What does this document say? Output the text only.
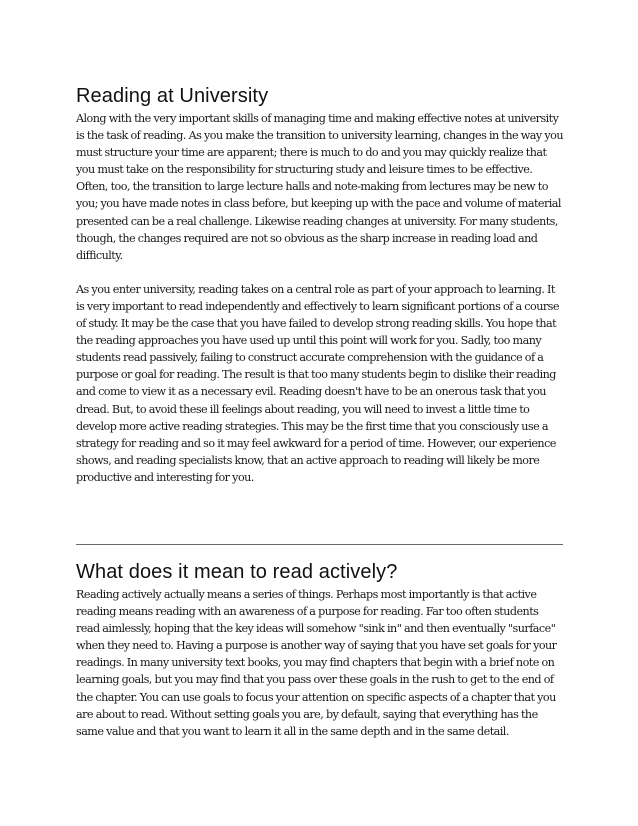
Reading at University

Along with the very important skills of managing time and making effective notes at university is the task of reading. As you make the transition to university learning, changes in the way you must structure your time are apparent; there is much to do and you may quickly realize that you must take on the responsibility for structuring study and leisure times to be effective. Often, too, the transition to large lecture halls and note-making from lectures may be new to you; you have made notes in class before, but keeping up with the pace and volume of material presented can be a real challenge. Likewise reading changes at university. For many students, though, the changes required are not so obvious as the sharp increase in reading load and difficulty.

As you enter university, reading takes on a central role as part of your approach to learning. It is very important to read independently and effectively to learn significant portions of a course of study. It may be the case that you have failed to develop strong reading skills. You hope that the reading approaches you have used up until this point will work for you. Sadly, too many students read passively, failing to construct accurate comprehension with the guidance of a purpose or goal for reading. The result is that too many students begin to dislike their reading and come to view it as a necessary evil. Reading doesn't have to be an onerous task that you dread. But, to avoid these ill feelings about reading, you will need to invest a little time to develop more active reading strategies. This may be the first time that you consciously use a strategy for reading and so it may feel awkward for a period of time. However, our experience shows, and reading specialists know, that an active approach to reading will likely be more productive and interesting for you.

What does it mean to read actively?

Reading actively actually means a series of things. Perhaps most importantly is that active reading means reading with an awareness of a purpose for reading. Far too often students read aimlessly, hoping that the key ideas will somehow "sink in" and then eventually "surface" when they need to. Having a purpose is another way of saying that you have set goals for your readings. In many university text books, you may find chapters that begin with a brief note on learning goals, but you may find that you pass over these goals in the rush to get to the end of the chapter. You can use goals to focus your attention on specific aspects of a chapter that you are about to read. Without setting goals you are, by default, saying that everything has the same value and that you want to learn it all in the same depth and in the same detail.
